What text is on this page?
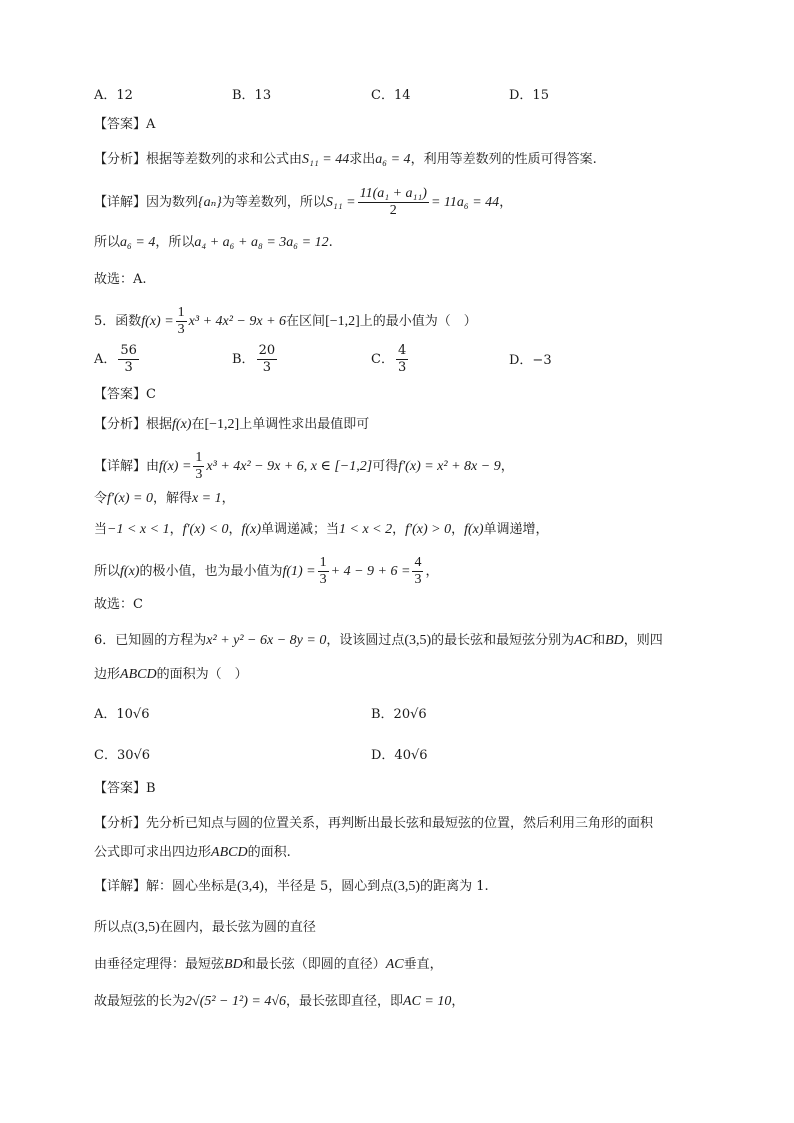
A．12	B．13	C．14	D．15
【答案】A
【分析】根据等差数列的求和公式由S₁₁ = 44求出a₆ = 4，利用等差数列的性质可得答案.
【详解】因为数列{aₙ}为等差数列，所以$S_{11} = \frac{\text{11(a₁ + a₁₁)}}{2} = 11a_6 = 44$，
所以a₆ = 4，所以a₄ + a₆ + a₈ = 3a₆ = 12.
故选：A.
5．函数$f(x) = \frac{1}{3} x^3 + 4x^2 - 9x + 6$在区间[−1,2]上的最小值为（　）
A． $\frac{56}{3}$	B． $\frac{20}{3}$	C． $\frac{4}{3}$	D．−3
【答案】C
【分析】根据f(x)在[−1,2]上单调性求出最值即可
【详解】由$f(x) = \frac{1}{3} x^3 + 4x^2 - 9x + 6$, x ∈ [−1,2]可得f′(x) = x² + 8x − 9，
令f′(x) = 0，解得x = 1，
当−1 < x < 1，f′(x) < 0，f(x)单调递减；当1 < x < 2，f′(x) > 0，f(x)单调递增，
所以f(x)的极小值，也为最小值为$f(1) = \frac{1}{3} + 4 - 9 + 6 = \frac{4}{3}$ ，
故选：C
6．已知圆的方程为x² + y² − 6x − 8y = 0，设该圆过点(3,5)的最长弦和最短弦分别为AC和BD，则四
边形ABCD的面积为（　）
A．10√6	B．20√6
C．30√6	D．40√6
【答案】B
【分析】先分析已知点与圆的位置关系，再判断出最长弦和最短弦的位置，然后利用三角形的面积
公式即可求出四边形ABCD的面积.
【详解】解：圆心坐标是(3,4)，半径是 5，圆心到点(3,5)的距离为 1.
所以点(3,5)在圆内，最长弦为圆的直径
由垂径定理得：最短弦BD和最长弦（即圆的直径）AC垂直，
故最短弦的长为2√(5² − 1²) = 4√6，最长弦即直径，即AC = 10，
